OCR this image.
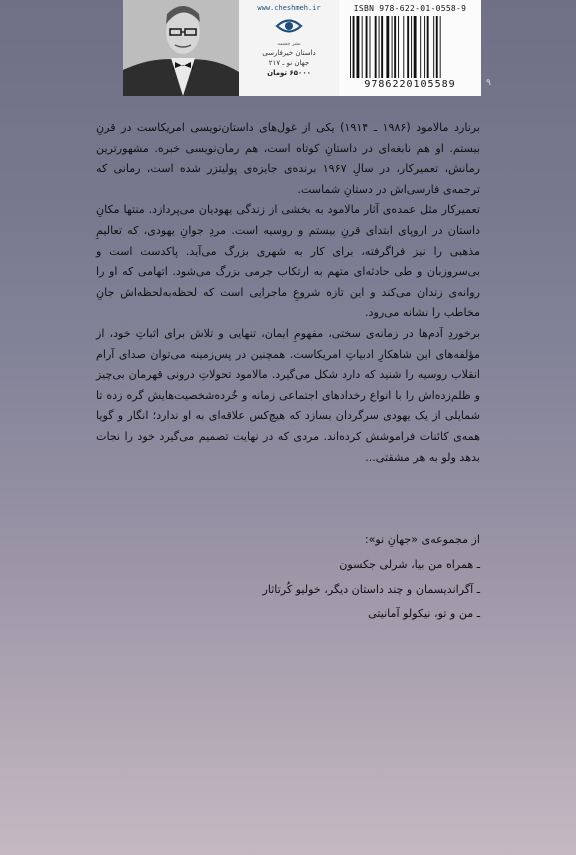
www.cheshmeh.ir
نشر چشمه
داستان خیرفارسی
جهان نو ـ ۲۱۷
۶۵۰۰۰ تومان
ISBN 978-622-01-0558-9
9786220105589	۹

برنارد مالامود (۱۹۸۶ ـ ۱۹۱۴) یکی از غول‌های داستان‌نویسی امریکاست در قرنِ بیستم. او هم نابغه‌ای در داستانِ کوتاه است، هم رمان‌نویسی خبره. مشهورترین رمانش، تعمیرکار، در سالِ ۱۹۶۷ برنده‌ی جایزه‌ی پولیتزر شده است، رمانی که ترجمه‌ی فارسی‌اش در دستانِ شماست.

تعمیرکار مثل عمده‌ی آثار مالامود به بخشی از زندگی یهودیان می‌پردازد. منتها مکانِ داستان در اروپای ابتدای قرنِ بیستم و روسیه است. مردِ جوانِ یهودی، که تعالیمِ مذهبی را نیز فراگرفته، برای کار به شهری بزرگ می‌آید. پاکدست است و بی‌سروزبان و طی حادثه‌ای متهم به ارتکاب جرمی بزرگ می‌شود. اتهامی که او را روانه‌ی زندان می‌کند و این تازه شروعِ ماجرایی است که لحظه‌به‌لحظه‌اش جانِ مخاطب را نشانه می‌رود.

برخوردِ آدم‌ها در زمانه‌ی سختی، مفهومِ ایمان، تنهایی و تلاش برای اثباتِ خود، از مؤلفه‌های این شاهکارِ ادبیاتِ امریکاست. همچنین در پس‌زمینه می‌توان صدای آرام انقلاب روسیه را شنید که دارد شکل می‌گیرد. مالامود تحولاتِ درونی قهرمان بی‌چیز و ظلم‌زده‌اش را با انواع رخدادهای اجتماعی زمانه و خُرده‌شخصیت‌هایش گره زده تا شمایلی از یک یهودی سرگردان بسازد که هیچ‌کس علاقه‌ای به او ندارد؛ انگار و گویا همه‌ی کائنات فراموشش کرده‌اند. مردی که در نهایت تصمیم می‌گیرد خود را نجات بدهد ولو به هر مشقتی...

از مجموعه‌ی «جهانِ نو»:
ـ همراه من بیا، شرلی جکسون
ـ آگراندیسمان و چند داستان دیگر، خولیو کُرتاثار
ـ من و تو، نیکولو آمانیتی
